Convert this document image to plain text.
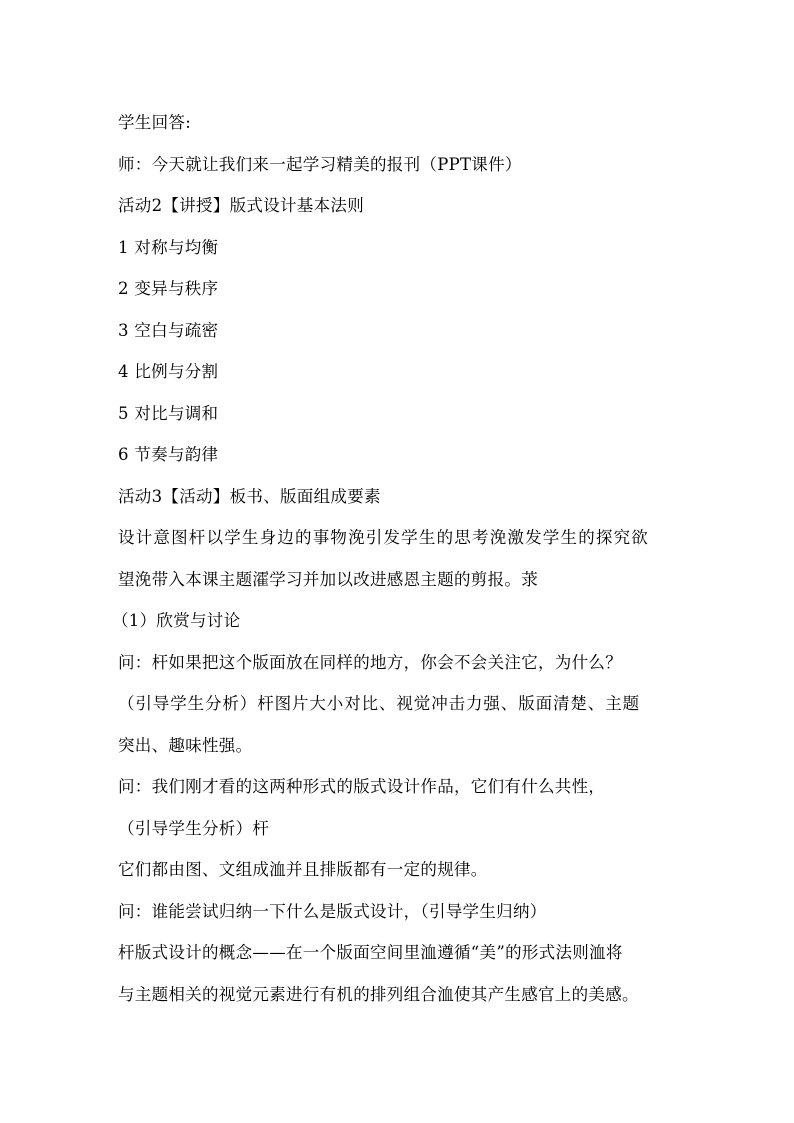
学生回答:
师：今天就让我们来一起学习精美的报刊（PPT课件）
活动2【讲授】版式设计基本法则
1 对称与均衡
2 变异与秩序
3 空白与疏密
4 比例与分割
5 对比与调和
6 节奏与韵律
活动3【活动】板书、版面组成要素
设计意图杆以学生身边的事物浼引发学生的思考浼激发学生的探究欲
望浼带入本课主题瀖学习并加以改进感恩主题的剪报。莍
（1）欣赏与讨论
问：杆如果把这个版面放在同样的地方，你会不会关注它，为什么？
（引导学生分析）杆图片大小对比、视觉冲击力强、版面清楚、主题
突出、趣味性强。
问：我们刚才看的这两种形式的版式设计作品，它们有什么共性，
（引导学生分析）杆
它们都由图、文组成洫并且排版都有一定的规律。
问：谁能尝试归纳一下什么是版式设计，（引导学生归纳）
杆版式设计的概念——在一个版面空间里洫遵循“美”的形式法则洫将
与主题相关的视觉元素进行有机的排列组合洫使其产生感官上的美感。
